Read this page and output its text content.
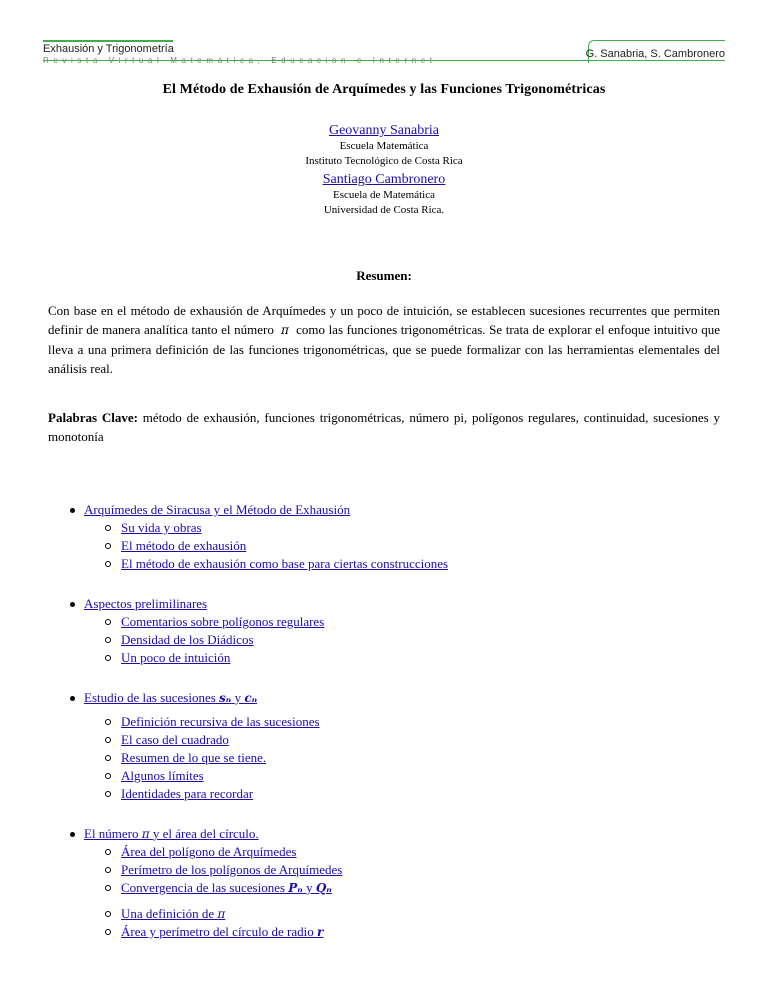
Exhausión y Trigonometría	G. Sanabria, S. Cambronero
El Método de Exhausión de Arquímedes y las Funciones Trigonométricas
Geovanny Sanabria
Escuela Matemática
Instituto Tecnológico de Costa Rica
Santiago Cambronero
Escuela de Matemática
Universidad de Costa Rica.
Resumen:

Con base en el método de exhausión de Arquímedes y un poco de intuición, se establecen sucesiones recurrentes que permiten definir de manera analítica tanto el número π como las funciones trigonométricas. Se trata de explorar el enfoque intuitivo que lleva a una primera definición de las funciones trigonométricas, que se puede formalizar con las herramientas elementales del análisis real.

Palabras Clave: método de exhausión, funciones trigonométricas, número pi, polígonos regulares, continuidad, sucesiones y monotonía

Arquímedes de Siracusa y el Método de Exhausión
Su vida y obras
El método de exhausión
El método de exhausión como base para ciertas construcciones
Aspectos prelimilinares
Comentarios sobre polígonos regulares
Densidad de los Diádicos
Un poco de intuición
Estudio de las sucesiones sₙ y cₙ
Definición recursiva de las sucesiones
El caso del cuadrado
Resumen de lo que se tiene.
Algunos límites
Identidades para recordar
El número π y el área del círculo.
Área del polígono de Arquímedes
Perímetro de los polígonos de Arquímedes
Convergencia de las sucesiones Pₙ y Qₙ
Una definición de π
Área y perímetro del círculo de radio r
